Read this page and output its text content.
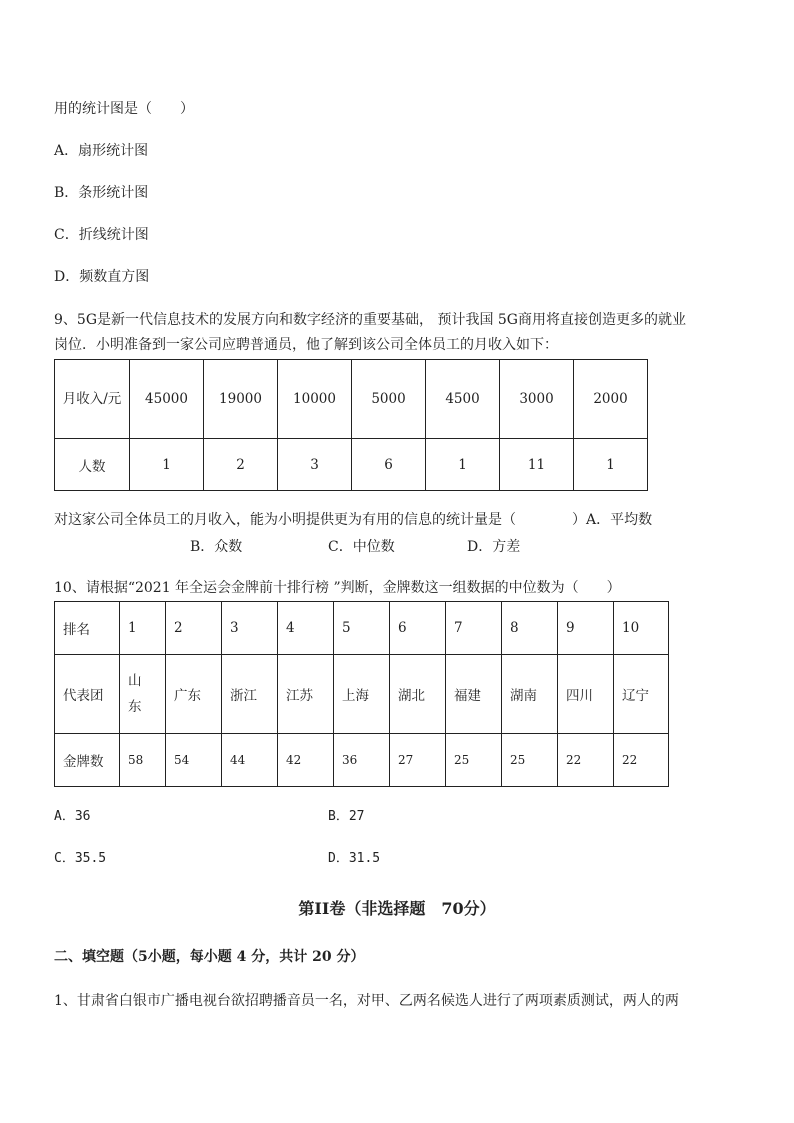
用的统计图是（　　）
A．扇形统计图
B．条形统计图
C．折线统计图
D．频数直方图
9、5G是新一代信息技术的发展方向和数字经济的重要基础， 预计我国 5G商用将直接创造更多的就业
岗位．小明准备到一家公司应聘普通员，他了解到该公司全体员工的月收入如下：
月收入/元	45000	19000	10000	5000	4500	3000	2000
人数	1	2	3	6	1	11	1
对这家公司全体员工的月收入，能为小明提供更为有用的信息的统计量是（　　　　）A．平均数
B．众数	C．中位数	D．方差
10、请根据“2021 年全运会金牌前十排行榜 ”判断，金牌数这一组数据的中位数为（　　）
排名	1	2	3	4	5	6	7	8	9	10
代表团	山东	广东	浙江	江苏	上海	湖北	福建	湖南	四川	辽宁
金牌数	58	54	44	42	36	27	25	25	22	22
A．36	B．27
C．35.5	D．31.5
第II卷（非选择题　70分）
二、填空题（5小题，每小题 4 分，共计 20 分）
1、甘肃省白银市广播电视台欲招聘播音员一名，对甲、乙两名候选人进行了两项素质测试，两人的两
